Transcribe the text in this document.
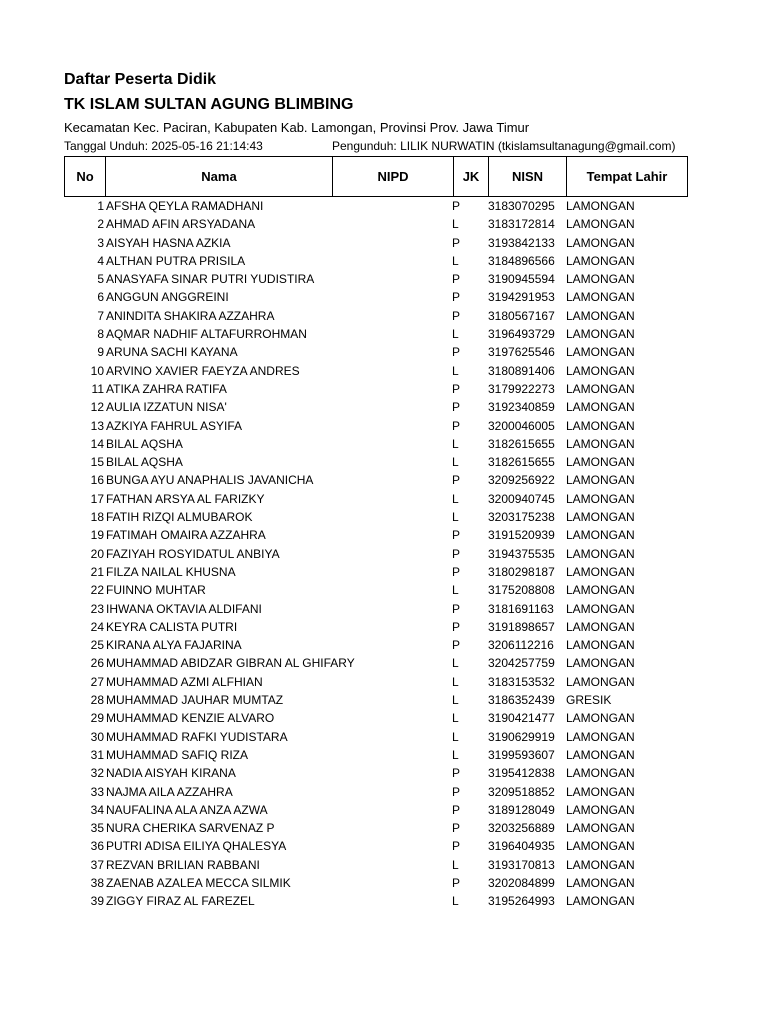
Daftar Peserta Didik
TK ISLAM SULTAN AGUNG BLIMBING
Kecamatan Kec. Paciran, Kabupaten Kab. Lamongan, Provinsi Prov. Jawa Timur
Tanggal Unduh: 2025-05-16 21:14:43	Pengunduh: LILIK NURWATIN (tkislamsultanagung@gmail.com)
No	Nama	NIPD	JK	NISN	Tempat Lahir
1 AFSHA QEYLA RAMADHANI	P	3183070295 LAMONGAN
2 AHMAD AFIN ARSYADANA	L	3183172814 LAMONGAN
3 AISYAH HASNA AZKIA	P	3193842133 LAMONGAN
4 ALTHAN PUTRA PRISILA	L	3184896566 LAMONGAN
5 ANASYAFA SINAR PUTRI YUDISTIRA	P	3190945594 LAMONGAN
6 ANGGUN ANGGREINI	P	3194291953 LAMONGAN
7 ANINDITA SHAKIRA AZZAHRA	P	3180567167 LAMONGAN
8 AQMAR NADHIF ALTAFURROHMAN	L	3196493729 LAMONGAN
9 ARUNA SACHI KAYANA	P	3197625546 LAMONGAN
10 ARVINO XAVIER FAEYZA ANDRES	L	3180891406 LAMONGAN
11 ATIKA ZAHRA RATIFA	P	3179922273 LAMONGAN
12 AULIA IZZATUN NISA'	P	3192340859 LAMONGAN
13 AZKIYA FAHRUL ASYIFA	P	3200046005 LAMONGAN
14 BILAL AQSHA	L	3182615655 LAMONGAN
15 BILAL AQSHA	L	3182615655 LAMONGAN
16 BUNGA AYU ANAPHALIS JAVANICHA	P	3209256922 LAMONGAN
17 FATHAN ARSYA AL FARIZKY	L	3200940745 LAMONGAN
18 FATIH RIZQI ALMUBAROK	L	3203175238 LAMONGAN
19 FATIMAH OMAIRA AZZAHRA	P	3191520939 LAMONGAN
20 FAZIYAH ROSYIDATUL ANBIYA	P	3194375535 LAMONGAN
21 FILZA NAILAL KHUSNA	P	3180298187 LAMONGAN
22 FUINNO MUHTAR	L	3175208808 LAMONGAN
23 IHWANA OKTAVIA ALDIFANI	P	3181691163	LAMONGAN
24 KEYRA CALISTA PUTRI	P	3191898657 LAMONGAN
25 KIRANA ALYA FAJARINA	P	3206112216	LAMONGAN
26 MUHAMMAD ABIDZAR GIBRAN AL GHIFARY	L	3204257759 LAMONGAN
27 MUHAMMAD AZMI ALFHIAN	L	3183153532 LAMONGAN
28 MUHAMMAD JAUHAR MUMTAZ	L	3186352439 GRESIK
29 MUHAMMAD KENZIE ALVARO	L	3190421477 LAMONGAN
30 MUHAMMAD RAFKI YUDISTARA	L	3190629919 LAMONGAN
31 MUHAMMAD SAFIQ RIZA	L	3199593607 LAMONGAN
32 NADIA AISYAH KIRANA	P	3195412838 LAMONGAN
33 NAJMA AILA AZZAHRA	P	3209518852 LAMONGAN
34 NAUFALINA ALA ANZA AZWA	P	3189128049 LAMONGAN
35 NURA CHERIKA SARVENAZ P	P	3203256889 LAMONGAN
36 PUTRI ADISA EILIYA QHALESYA	P	3196404935 LAMONGAN
37 REZVAN BRILIAN RABBANI	L	3193170813 LAMONGAN
38 ZAENAB AZALEA MECCA SILMIK	P	3202084899 LAMONGAN
39 ZIGGY FIRAZ AL FAREZEL	L	3195264993 LAMONGAN
